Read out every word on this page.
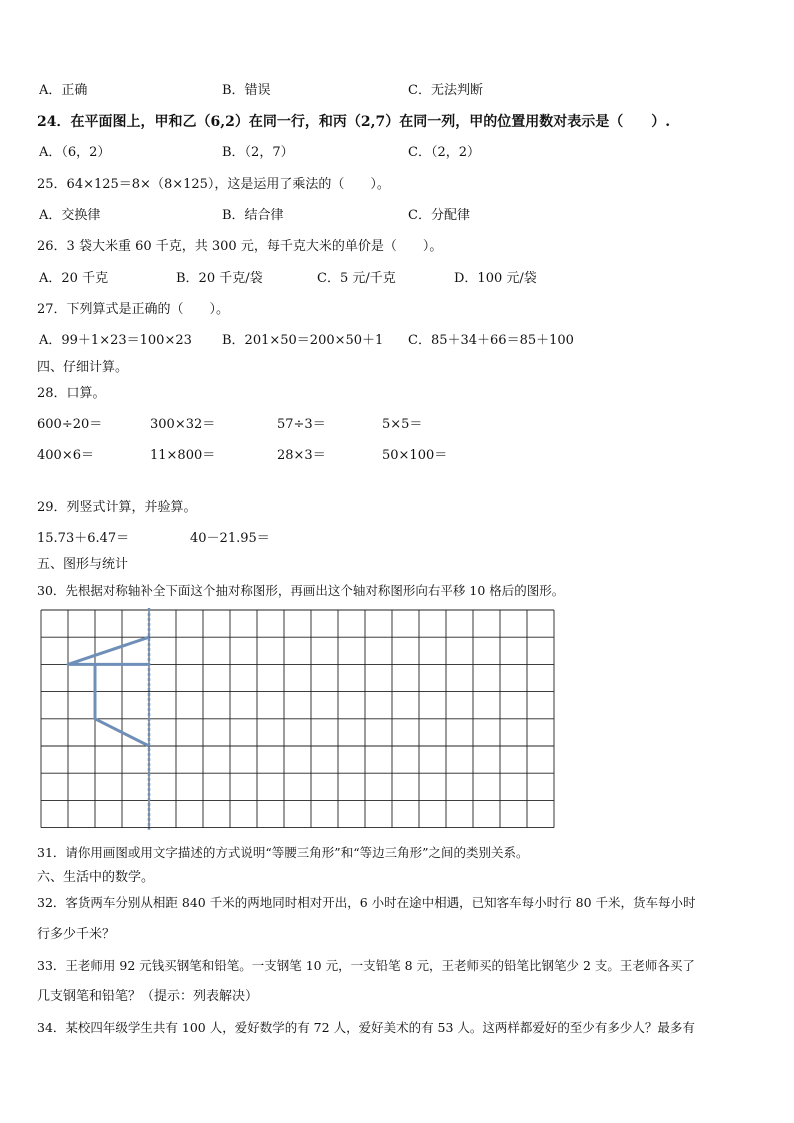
A．正确	B．错误	C．无法判断
24．在平面图上，甲和乙（6,2）在同一行，和丙（2,7）在同一列，甲的位置用数对表示是（　　）.
A．（6，2）	B．（2，7）	C．（2，2）
25．64×125＝8×（8×125），这是运用了乘法的（　　）。
A．交换律	B．结合律	C．分配律
26．3 袋大米重 60 千克，共 300 元，每千克大米的单价是（　　）。
A．20 千克	B．20 千克/袋	C．5 元/千克	D．100 元/袋
27．下列算式是正确的（　　）。
A．99＋1×23＝100×23 B．201×50＝200×50＋1 C．85＋34＋66＝85＋100
四、仔细计算。
28．口算。
600÷20＝	300×32＝	57÷3＝	5×5＝
400×6＝	11×800＝	28×3＝	50×100＝
29．列竖式计算，并验算。
15.73＋6.47＝	40－21.95＝
五、图形与统计
30．先根据对称轴补全下面这个抽对称图形，再画出这个轴对称图形向右平移 10 格后的图形。
31．请你用画图或用文字描述的方式说明“等腰三角形”和“等边三角形”之间的类别关系。
六、生活中的数学。
32．客货两车分别从相距 840 千米的两地同时相对开出，6 小时在途中相遇，已知客车每小时行 80 千米，货车每小时
行多少千米？
33．王老师用 92 元钱买钢笔和铅笔。一支钢笔 10 元，一支铅笔 8 元，王老师买的铅笔比钢笔少 2 支。王老师各买了
几支钢笔和铅笔？（提示：列表解决）
34．某校四年级学生共有 100 人，爱好数学的有 72 人，爱好美术的有 53 人。这两样都爱好的至少有多少人？最多有
